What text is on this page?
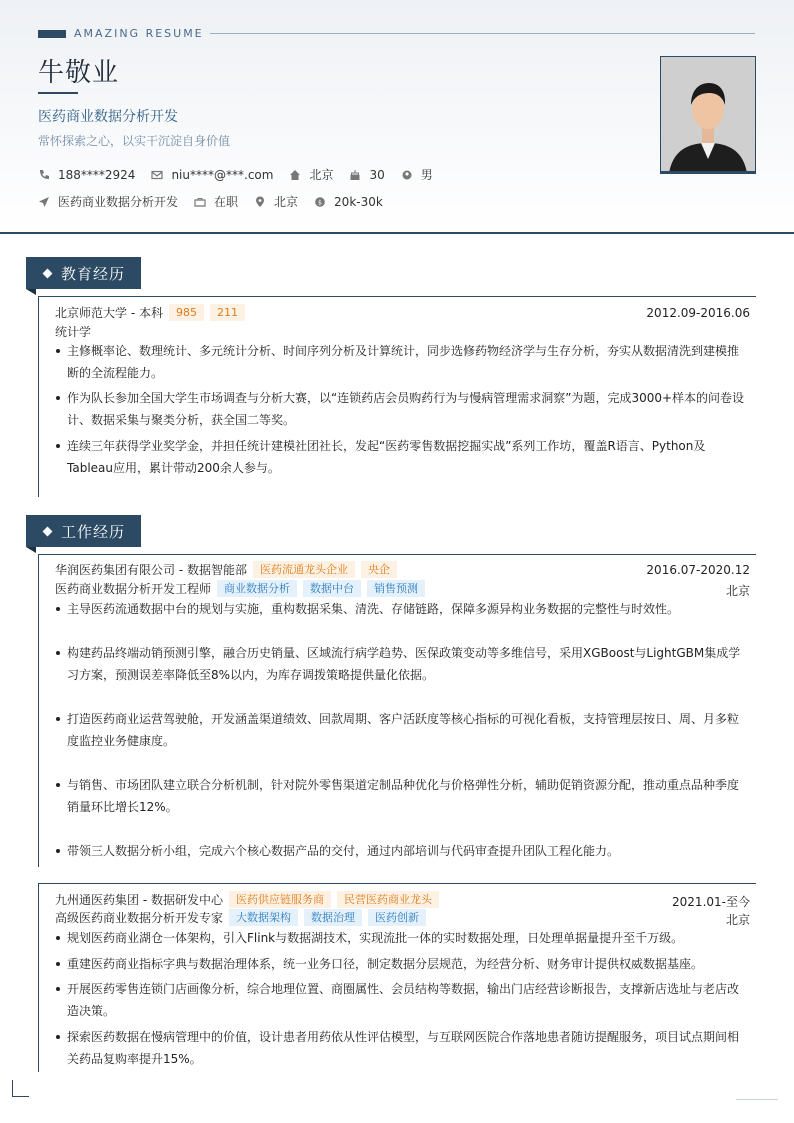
AMAZING RESUME
牛敬业
医药商业数据分析开发
常怀探索之心，以实干沉淀自身价值
188****2924	niu****@***.com	北京	30	男
医药商业数据分析开发	在职	北京	$ 20k-30k
教育经历
北京师范大学 - 本科	985	211	2012.09-2016.06
统计学
主修概率论、数理统计、多元统计分析、时间序列分析及计算统计，同步选修药物经济学与生存分析，夯实从数据清洗到建模推断的全流程能力。
作为队长参加全国大学生市场调查与分析大赛，以“连锁药店会员购药行为与慢病管理需求洞察”为题，完成3000+样本的问卷设计、数据采集与聚类分析，获全国二等奖。
连续三年获得学业奖学金，并担任统计建模社团社长，发起“医药零售数据挖掘实战”系列工作坊，覆盖R语言、Python及Tableau应用，累计带动200余人参与。
工作经历
华润医药集团有限公司 - 数据智能部	医药流通龙头企业	央企	2016.07-2020.12
医药商业数据分析开发工程师	商业数据分析	数据中台	销售预测	北京
主导医药流通数据中台的规划与实施，重构数据采集、清洗、存储链路，保障多源异构业务数据的完整性与时效性。
构建药品终端动销预测引擎，融合历史销量、区域流行病学趋势、医保政策变动等多维信号，采用XGBoost与LightGBM集成学习方案，预测误差率降低至8%以内，为库存调拨策略提供量化依据。
打造医药商业运营驾驶舱，开发涵盖渠道绩效、回款周期、客户活跃度等核心指标的可视化看板，支持管理层按日、周、月多粒度监控业务健康度。
与销售、市场团队建立联合分析机制，针对院外零售渠道定制品种优化与价格弹性分析，辅助促销资源分配，推动重点品种季度销量环比增长12%。
带领三人数据分析小组，完成六个核心数据产品的交付，通过内部培训与代码审查提升团队工程化能力。
九州通医药集团 - 数据研发中心	医药供应链服务商	民营医药商业龙头	2021.01-至今
高级医药商业数据分析开发专家	大数据架构	数据治理	医药创新	北京
规划医药商业湖仓一体架构，引入Flink与数据湖技术，实现流批一体的实时数据处理，日处理单据量提升至千万级。
重建医药商业指标字典与数据治理体系，统一业务口径，制定数据分层规范，为经营分析、财务审计提供权威数据基座。
开展医药零售连锁门店画像分析，综合地理位置、商圈属性、会员结构等数据，输出门店经营诊断报告，支撑新店选址与老店改造决策。
探索医药数据在慢病管理中的价值，设计患者用药依从性评估模型，与互联网医院合作落地患者随访提醒服务，项目试点期间相关药品复购率提升15%。
